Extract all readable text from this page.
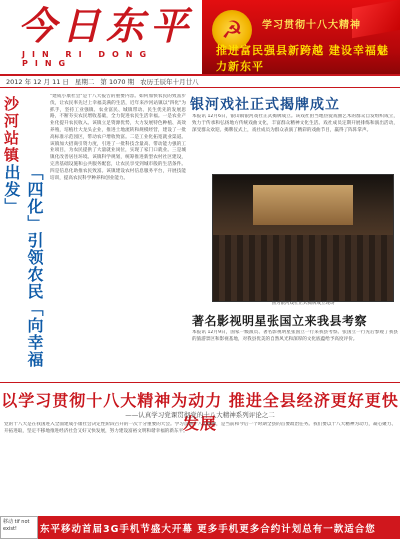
今日东平
JIN RI DONG PING
☭
学习贯彻十八大精神
推进富民强县新跨越 建设幸福魅力新东平
2012 年 12 月 11 日 星期二 第 1070 期 农历壬辰年十月廿八
沙河站镇
「四化」引领农民「向幸福出发」
"建成小康社会"是十八大报告的重要内容。如何加快农民的致富步伐，让农民率先过上幸福美满的生活，近年来沙河站镇以"四化"为抓手，坚持工业强镇、农业富民、城镇带动、民生优先的发展思路，不断夯实农民增收基础，全力促进农民生活幸福。一是农业产业化提升农民收入。该镇立足资源优势，大力发展特色种植、高效养殖，培植壮大龙头企业，推进土地流转和规模经营，建设了一批高标准示范园区，带动农户增收致富。二是工业化拓宽就业渠道。该镇加大招商引资力度，引进了一批科技含量高、带动能力强的工业项目，为农民提供了大量就业岗位，实现了家门口就业。三是城镇化改善居住环境。该镇科学规划，统筹推进新型农村社区建设，完善基础设施和公共服务配套，让农民享受到城市般的生活条件。四是信息化助推农民致富。该镇建设农村信息服务平台，开展技能培训，提高农民科学种养和创业能力。
银河戏社正式揭牌成立
本报讯 12月6日，银山镇银河戏社正式揭牌成立。该戏社由当地热爱戏曲艺术的群众自发组织成立，致力于传承和弘扬地方传统戏曲文化，丰富群众精神文化生活。戏社成员定期开展排练和演出活动，深受群众欢迎。揭牌仪式上，戏社成员为群众表演了精彩的戏曲节目，赢得了阵阵掌声。
图为银河戏社正式揭牌成立现场
著名影视明星张国立来我县考察
本报讯 12月9日，国家一级演员、著名影视明星张国立一行来我县考察。张国立一行先后参观了我县的旅游景区和影视基地，对我县优美的自然风光和深厚的文化底蕴给予高度评价。
以学习贯彻十八大精神为动力 推进全县经济更好更快发展
——认真学习党课贯彻党的十八大精神系列评论之二
党的十八大是在我国进入全面建成小康社会决定性阶段召开的一次十分重要的大会。学习贯彻十八大精神，是当前和今后一个时期全县的首要政治任务。我们要以十八大精神为动力，凝心聚力、开拓进取，坚定不移地推进经济社会又好又快发展，努力建设富裕文明和谐幸福的新东平。
移动 tif not exist!	东平移动首届3G手机节盛大开幕 更多手机更多合约计划总有一款适合您
